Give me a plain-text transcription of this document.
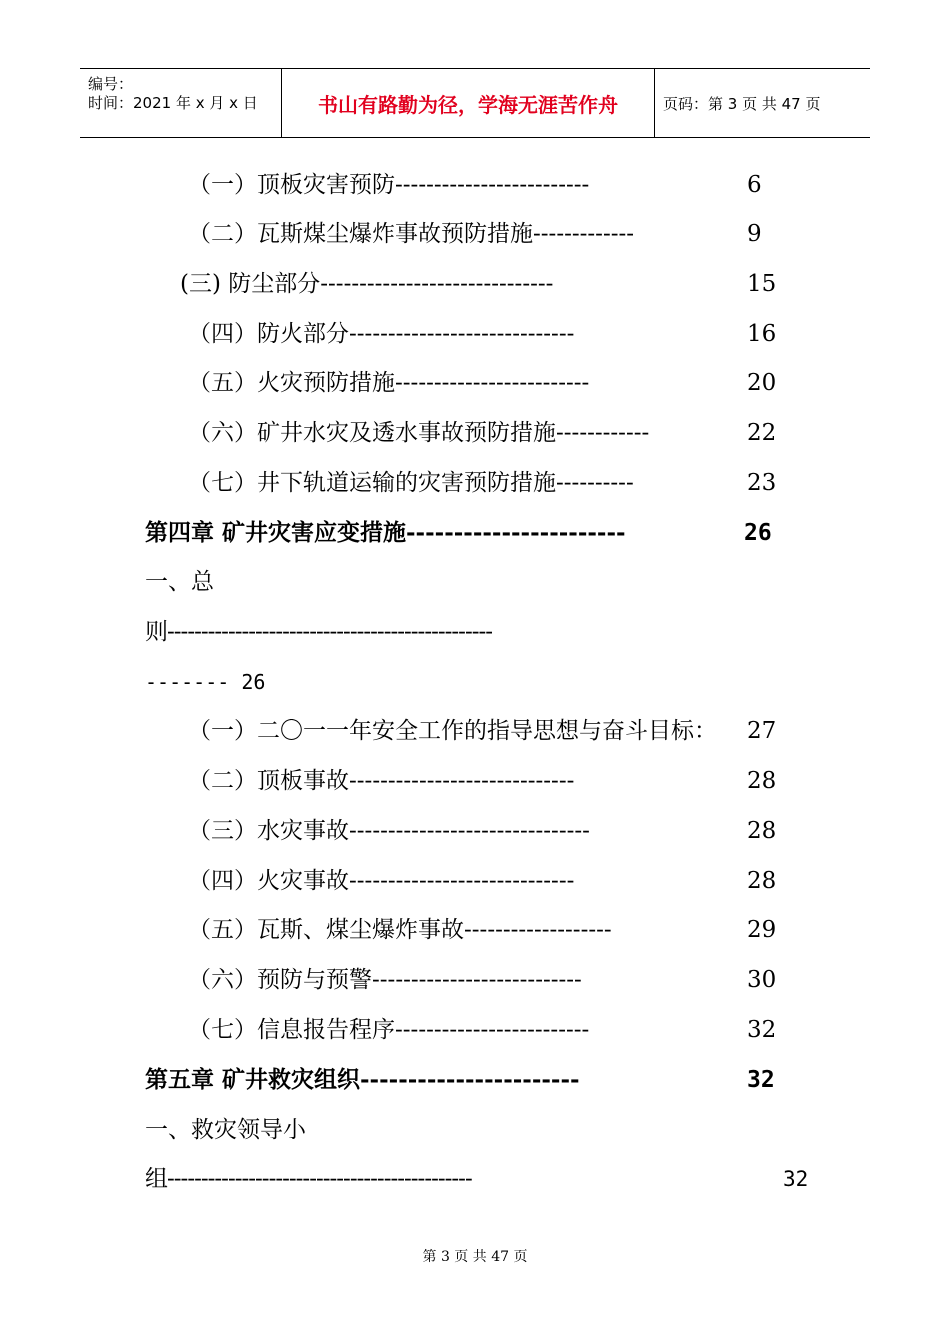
编号：
时间：2021 年 x 月 x 日	书山有路勤为径，学海无涯苦作舟	页码：第 3 页 共 47 页
（一）顶板灾害预防-------------------------	6
（二）瓦斯煤尘爆炸事故预防措施-------------	9
(三) 防尘部分------------------------------	15
（四）防火部分-----------------------------	16
（五）火灾预防措施-------------------------	20
（六）矿井水灾及透水事故预防措施------------	22
（七）井下轨道运输的灾害预防措施----------	23
第四章 矿井灾害应变措施-----------------------	26
一、总
则------------------------------------------------
------- 26
（一）二〇一一年安全工作的指导思想与奋斗目标： 27
（二）顶板事故-----------------------------	28
（三）水灾事故-------------------------------	28
（四）火灾事故-----------------------------	28
（五）瓦斯、煤尘爆炸事故-------------------	29
（六）预防与预警---------------------------	30
（七）信息报告程序-------------------------	32
第五章 矿井救灾组织-----------------------	32
一、救灾领导小
组---------------------------------------------	32
第 3 页 共 47 页
